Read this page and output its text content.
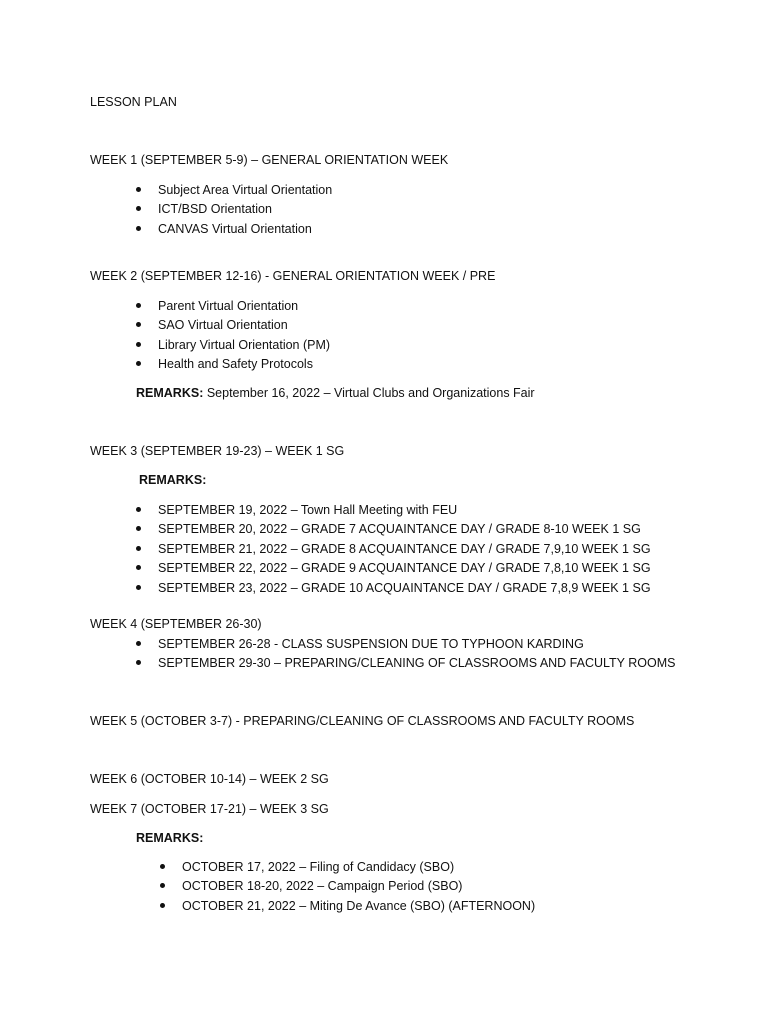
LESSON PLAN
WEEK 1 (SEPTEMBER 5-9) – GENERAL ORIENTATION WEEK
Subject Area Virtual Orientation
ICT/BSD Orientation
CANVAS Virtual Orientation
WEEK 2 (SEPTEMBER 12-16) - GENERAL ORIENTATION WEEK / PRE
Parent Virtual Orientation
SAO Virtual Orientation
Library Virtual Orientation (PM)
Health and Safety Protocols
REMARKS: September 16, 2022 – Virtual Clubs and Organizations Fair
WEEK 3 (SEPTEMBER 19-23) – WEEK 1 SG
REMARKS:
SEPTEMBER 19, 2022 – Town Hall Meeting with FEU
SEPTEMBER 20, 2022 – GRADE 7 ACQUAINTANCE DAY / GRADE 8-10 WEEK 1 SG
SEPTEMBER 21, 2022 – GRADE 8 ACQUAINTANCE DAY / GRADE 7,9,10 WEEK 1 SG
SEPTEMBER 22, 2022 – GRADE 9 ACQUAINTANCE DAY / GRADE 7,8,10 WEEK 1 SG
SEPTEMBER 23, 2022 – GRADE 10 ACQUAINTANCE DAY / GRADE 7,8,9 WEEK 1 SG
WEEK 4 (SEPTEMBER 26-30)
SEPTEMBER 26-28 - CLASS SUSPENSION DUE TO TYPHOON KARDING
SEPTEMBER 29-30 – PREPARING/CLEANING OF CLASSROOMS AND FACULTY ROOMS
WEEK 5 (OCTOBER 3-7) - PREPARING/CLEANING OF CLASSROOMS AND FACULTY ROOMS
WEEK 6 (OCTOBER 10-14) – WEEK 2 SG
WEEK 7 (OCTOBER 17-21) – WEEK 3 SG
REMARKS:
OCTOBER 17, 2022 – Filing of Candidacy (SBO)
OCTOBER 18-20, 2022 – Campaign Period (SBO)
OCTOBER 21, 2022 – Miting De Avance (SBO) (AFTERNOON)
